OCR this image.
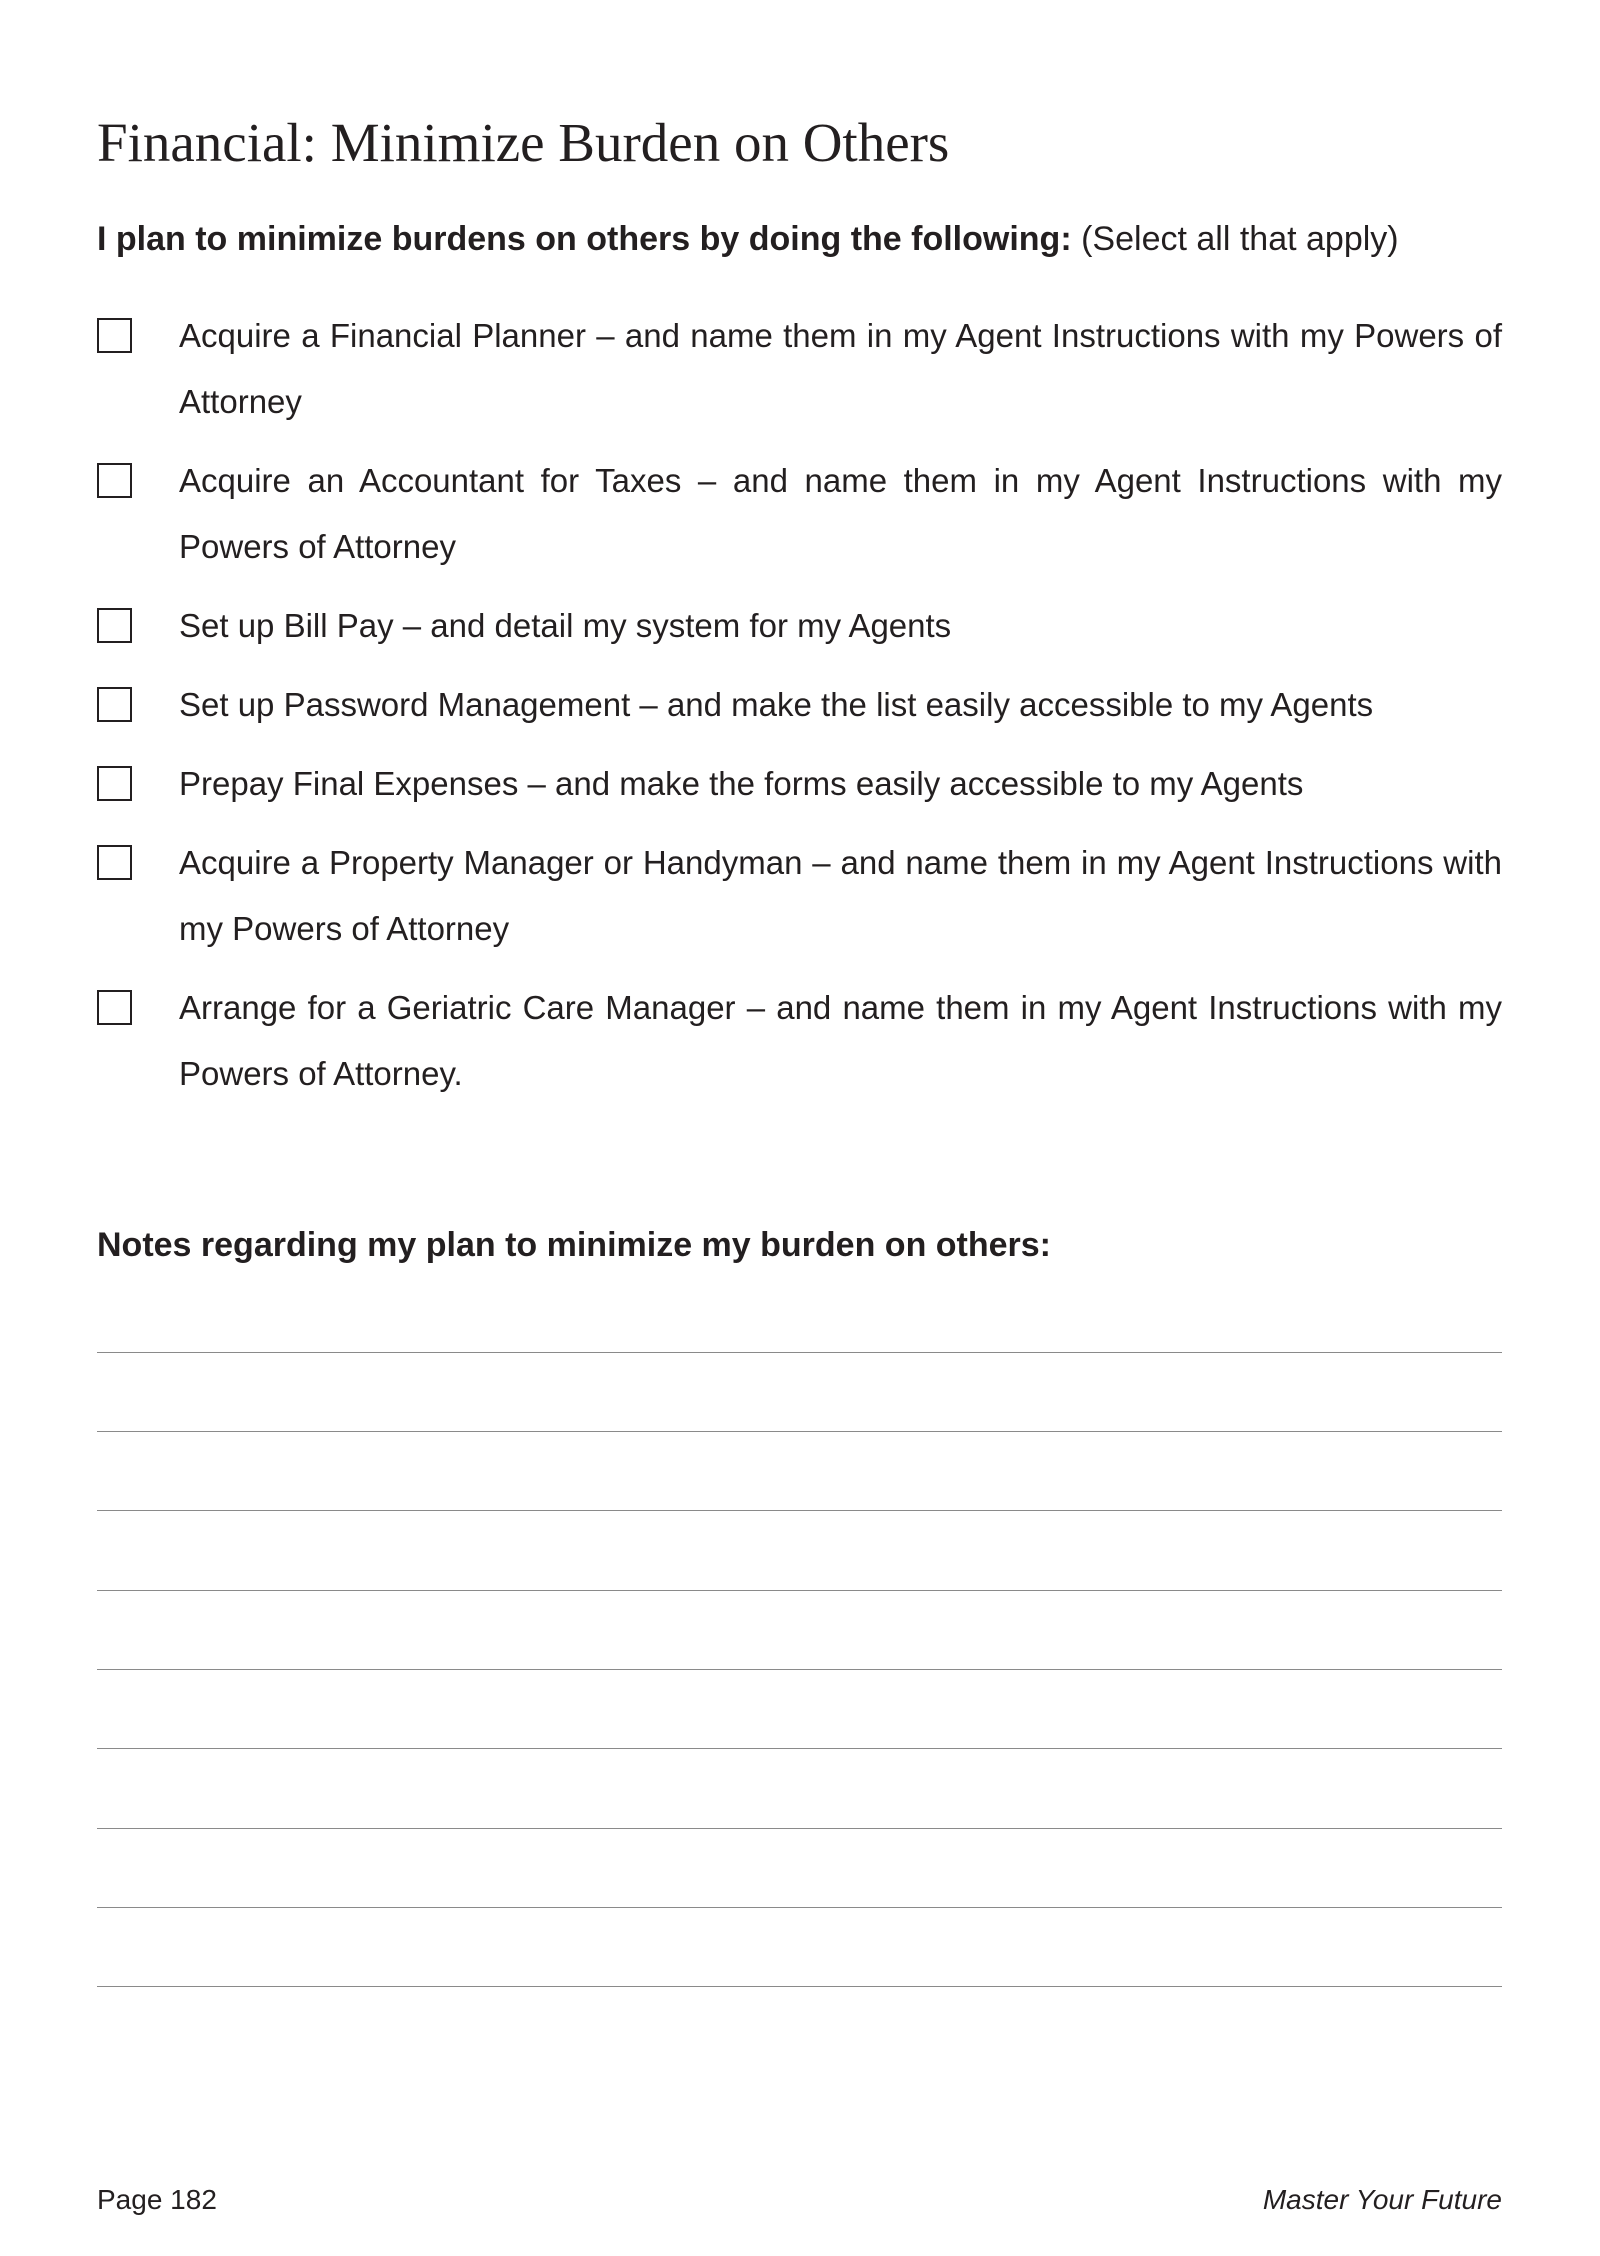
Financial: Minimize Burden on Others

I plan to minimize burdens on others by doing the following: (Select all that apply)

Acquire a Financial Planner – and name them in my Agent Instructions with my Powers of Attorney
Acquire an Accountant for Taxes – and name them in my Agent Instructions with my Powers of Attorney
Set up Bill Pay – and detail my system for my Agents
Set up Password Management – and make the list easily accessible to my Agents
Prepay Final Expenses – and make the forms easily accessible to my Agents
Acquire a Property Manager or Handyman – and name them in my Agent Instructions with my Powers of Attorney
Arrange for a Geriatric Care Manager – and name them in my Agent Instructions with my Powers of Attorney.
Notes regarding my plan to minimize my burden on others:
Page 182	Master Your Future
